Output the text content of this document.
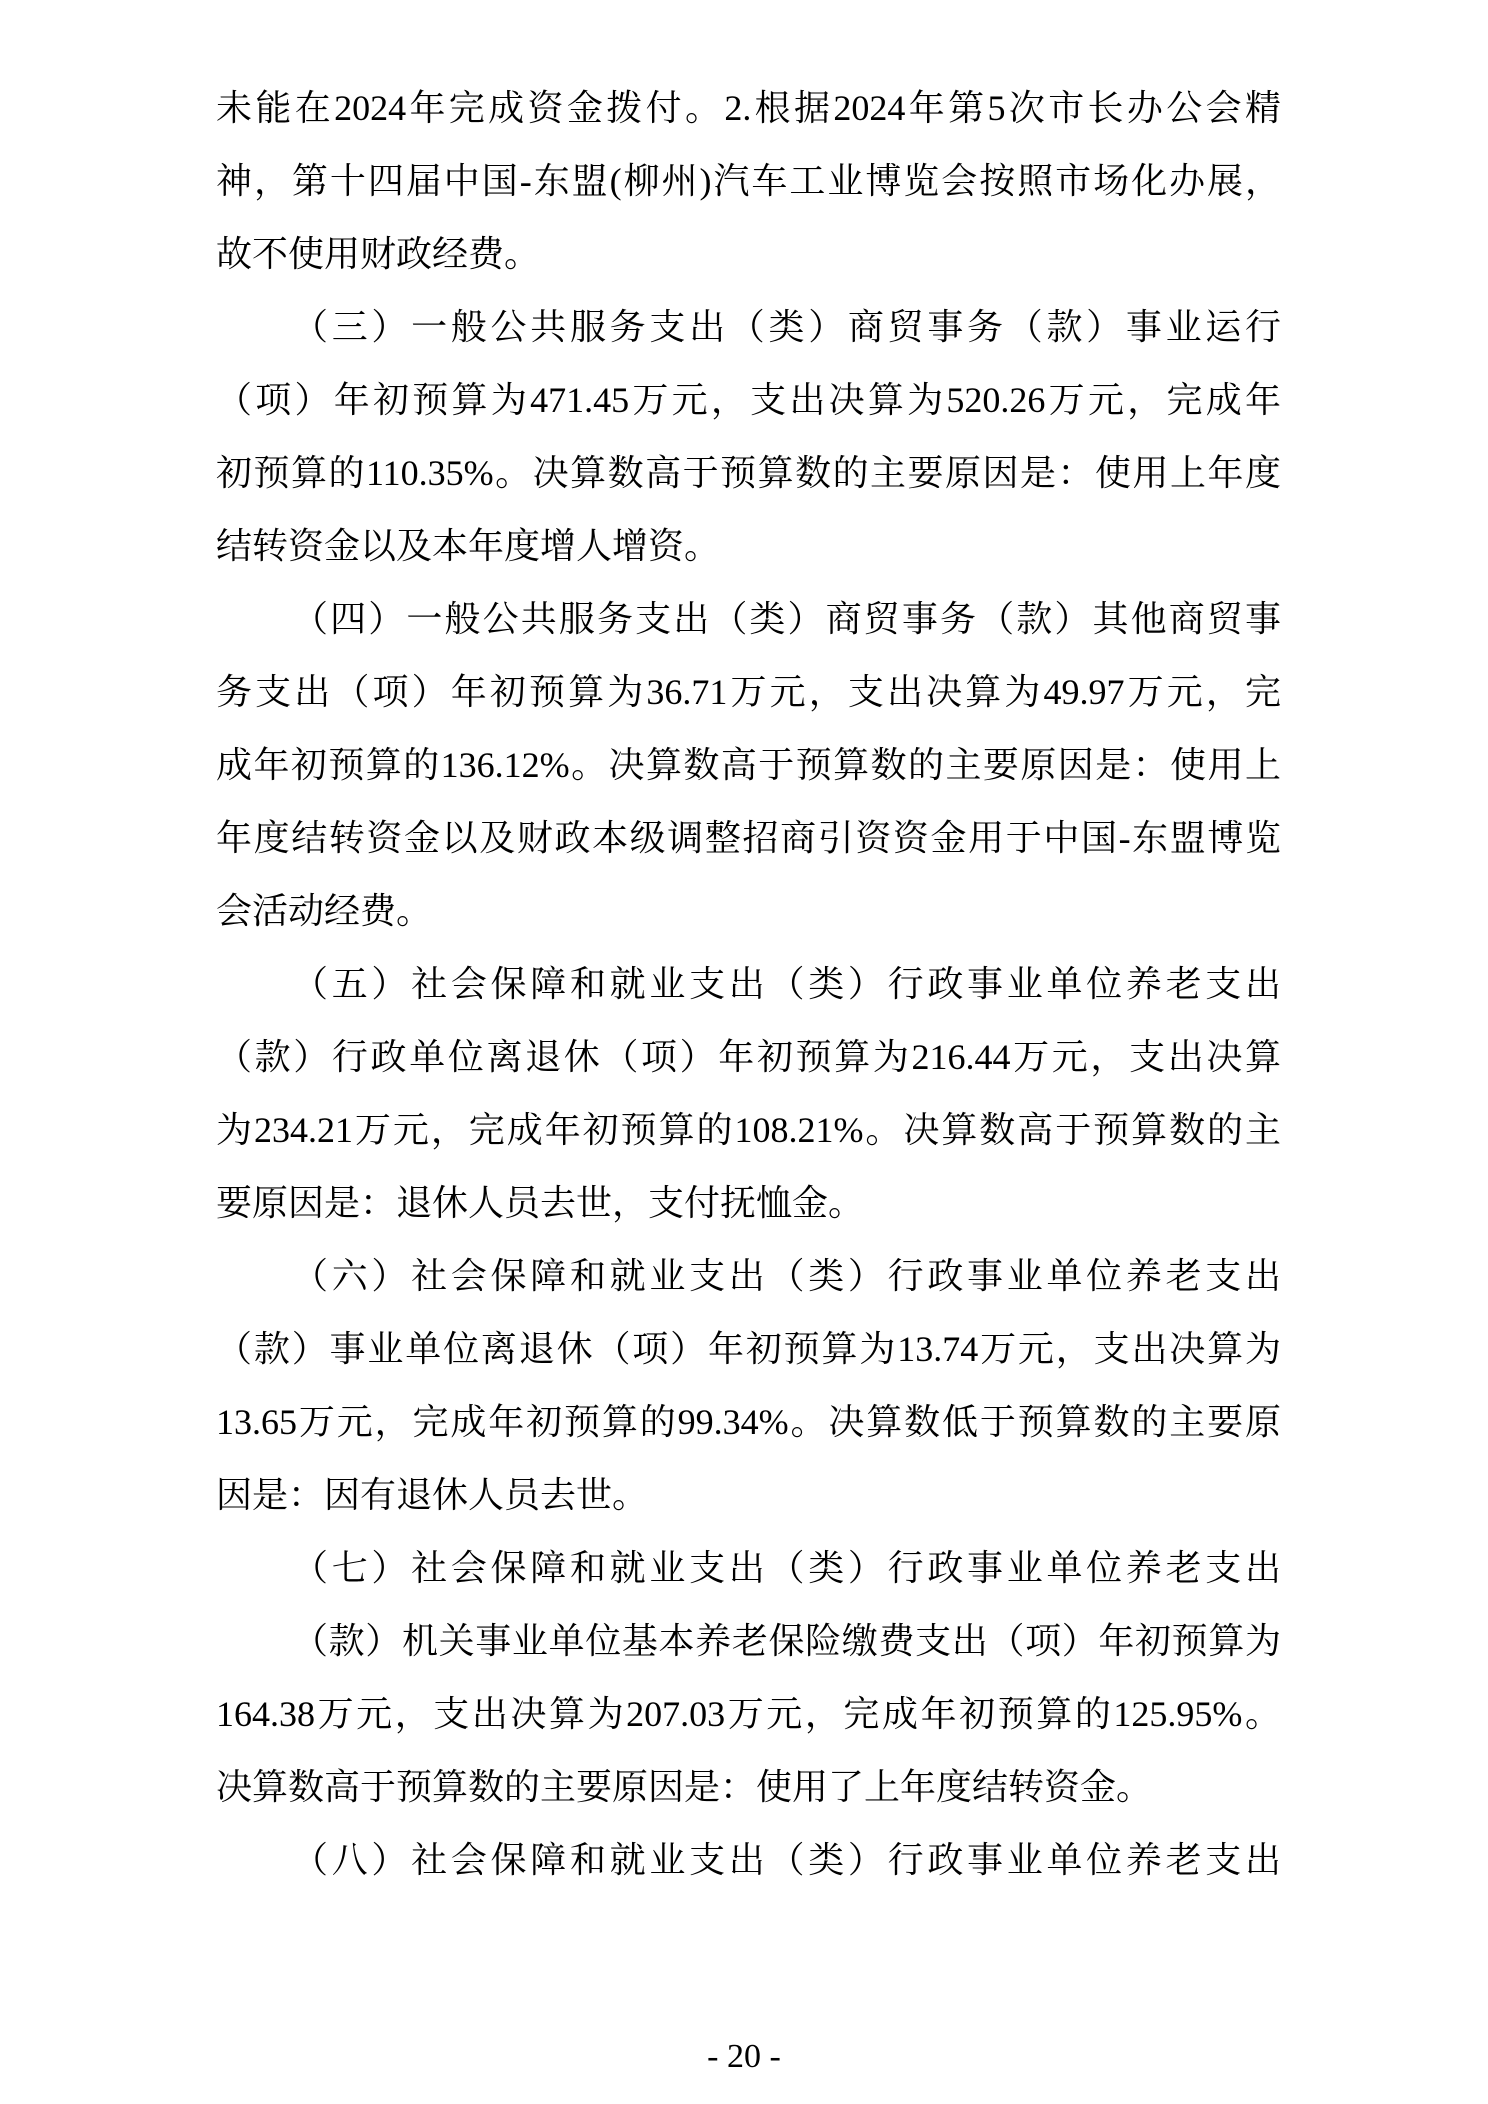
未能在2024年完成资金拨付。2.根据2024年第5次市长办公会精
神，第十四届中国-东盟(柳州)汽车工业博览会按照市场化办展，
故不使用财政经费。
（三）一般公共服务支出（类）商贸事务（款）事业运行
（项）年初预算为471.45万元，支出决算为520.26万元，完成年
初预算的110.35%。决算数高于预算数的主要原因是：使用上年度
结转资金以及本年度增人增资。
（四）一般公共服务支出（类）商贸事务（款）其他商贸事
务支出（项）年初预算为36.71万元，支出决算为49.97万元，完
成年初预算的136.12%。决算数高于预算数的主要原因是：使用上
年度结转资金以及财政本级调整招商引资资金用于中国-东盟博览
会活动经费。
（五）社会保障和就业支出（类）行政事业单位养老支出
（款）行政单位离退休（项）年初预算为216.44万元，支出决算
为234.21万元，完成年初预算的108.21%。决算数高于预算数的主
要原因是：退休人员去世，支付抚恤金。
（六）社会保障和就业支出（类）行政事业单位养老支出
（款）事业单位离退休（项）年初预算为13.74万元，支出决算为
13.65万元，完成年初预算的99.34%。决算数低于预算数的主要原
因是：因有退休人员去世。
（七）社会保障和就业支出（类）行政事业单位养老支出
（款）机关事业单位基本养老保险缴费支出（项）年初预算为
164.38万元，支出决算为207.03万元，完成年初预算的125.95%。
决算数高于预算数的主要原因是：使用了上年度结转资金。
（八）社会保障和就业支出（类）行政事业单位养老支出
- 20 -
